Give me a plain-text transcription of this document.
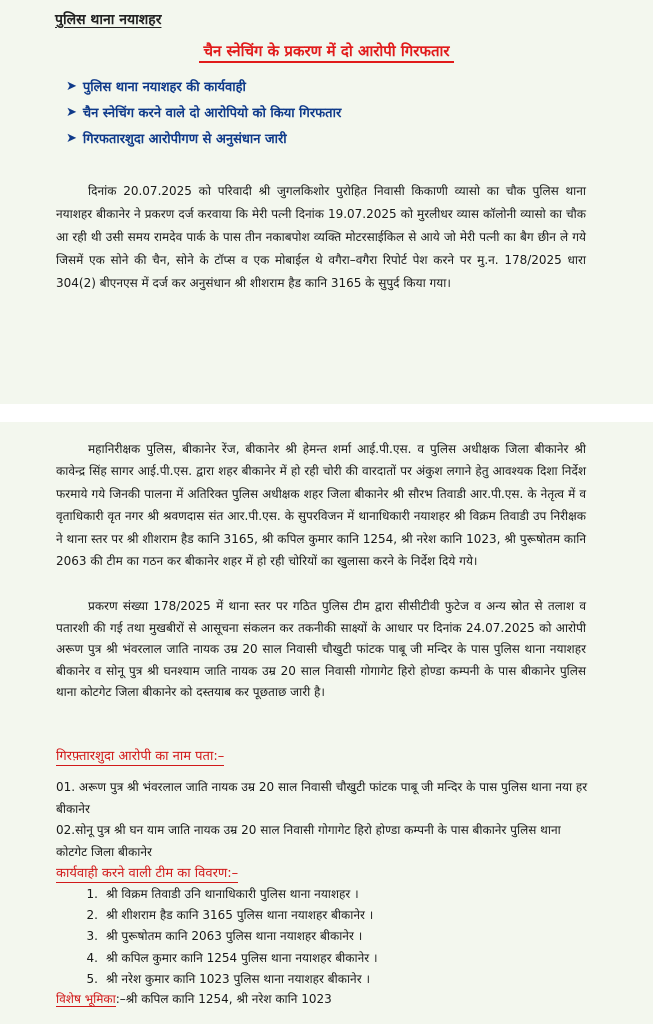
पुलिस थाना नयाशहर
चैन स्नेचिंग के प्रकरण में दो आरोपी गिरफतार
➤ पुलिस थाना नयाशहर की कार्यवाही
➤ चैन स्नेचिंग करने वाले दो आरोपियो को किया गिरफतार
➤ गिरफतारशुदा आरोपीगण से अनुसंधान जारी

दिनांक 20.07.2025 को परिवादी श्री जुगलकिशोर पुरोहित निवासी किकाणी व्यासो का चौक पुलिस थाना नयाशहर बीकानेर ने प्रकरण दर्ज करवाया कि मेरी पत्नी दिनांक 19.07.2025 को मुरलीधर व्यास कॉलोनी व्यासो का चौक आ रही थी उसी समय रामदेव पार्क के पास तीन नकाबपोश व्यक्ति मोटरसाईकिल से आये जो मेरी पत्नी का बैग छीन ले गये जिसमें एक सोने की चैन, सोने के टॉप्स व एक मोबाईल थे वगैरा–वगैरा रिपोर्ट पेश करने पर मु.न. 178/2025 धारा 304(2) बीएनएस में दर्ज कर अनुसंधान श्री शीशराम हैड कानि 3165 के सुपुर्द किया गया।

महानिरीक्षक पुलिस, बीकानेर रेंज, बीकानेर श्री हेमन्त शर्मा आई.पी.एस. व पुलिस अधीक्षक जिला बीकानेर श्री कावेन्द्र सिंह सागर आई.पी.एस. द्वारा शहर बीकानेर में हो रही चोरी की वारदातों पर अंकुश लगाने हेतु आवश्यक दिशा निर्देश फरमाये गये जिनकी पालना में अतिरिक्त पुलिस अधीक्षक शहर जिला बीकानेर श्री सौरभ तिवाडी आर.पी.एस. के नेतृत्व में व वृताधिकारी वृत नगर श्री श्रवणदास संत आर.पी.एस. के सुपरविजन में थानाधिकारी नयाशहर श्री विक्रम तिवाडी उप निरीक्षक ने थाना स्तर पर श्री शीशराम हैड कानि 3165, श्री कपिल कुमार कानि 1254, श्री नरेश कानि 1023, श्री पुरूषोतम कानि 2063 की टीम का गठन कर बीकानेर शहर में हो रही चोरियों का खुलासा करने के निर्देश दिये गये।

प्रकरण संख्या 178/2025 में थाना स्तर पर गठित पुलिस टीम द्वारा सीसीटीवी फुटेज व अन्य स्रोत से तलाश व पतारशी की गई तथा मुखबीरों से आसूचना संकलन कर तकनीकी साक्ष्यों के आधार पर दिनांक 24.07.2025 को आरोपी अरूण पुत्र श्री भंवरलाल जाति नायक उम्र 20 साल निवासी चौखुटी फांटक पाबू जी मन्दिर के पास पुलिस थाना नयाशहर बीकानेर व सोनू पुत्र श्री घनश्याम जाति नायक उम्र 20 साल निवासी गोगागेट हिरो होण्डा कम्पनी के पास बीकानेर पुलिस थाना कोटगेट जिला बीकानेर को दस्तयाब कर पूछताछ जारी है।

गिरफ़्तारशुदा आरोपी का नाम पता:–

01. अरूण पुत्र श्री भंवरलाल जाति नायक उम्र 20 साल निवासी चौखुटी फांटक पाबू जी मन्दिर के पास पुलिस थाना नया हर बीकानेर

02.सोनू पुत्र श्री घन याम जाति नायक उम्र 20 साल निवासी गोगागेट हिरो होण्डा कम्पनी के पास बीकानेर पुलिस थाना कोटगेट जिला बीकानेर

कार्यवाही करने वाली टीम का विवरण:–
1. श्री विक्रम तिवाडी उनि थानाधिकारी पुलिस थाना नयाशहर ।
2. श्री शीशराम हैड कानि 3165 पुलिस थाना नयाशहर बीकानेर ।
3. श्री पुरूषोतम कानि 2063 पुलिस थाना नयाशहर बीकानेर ।
4. श्री कपिल कुमार कानि 1254 पुलिस थाना नयाशहर बीकानेर ।
5. श्री नरेश कुमार कानि 1023 पुलिस थाना नयाशहर बीकानेर ।
विशेष भूमिका:–श्री कपिल कानि 1254, श्री नरेश कानि 1023
